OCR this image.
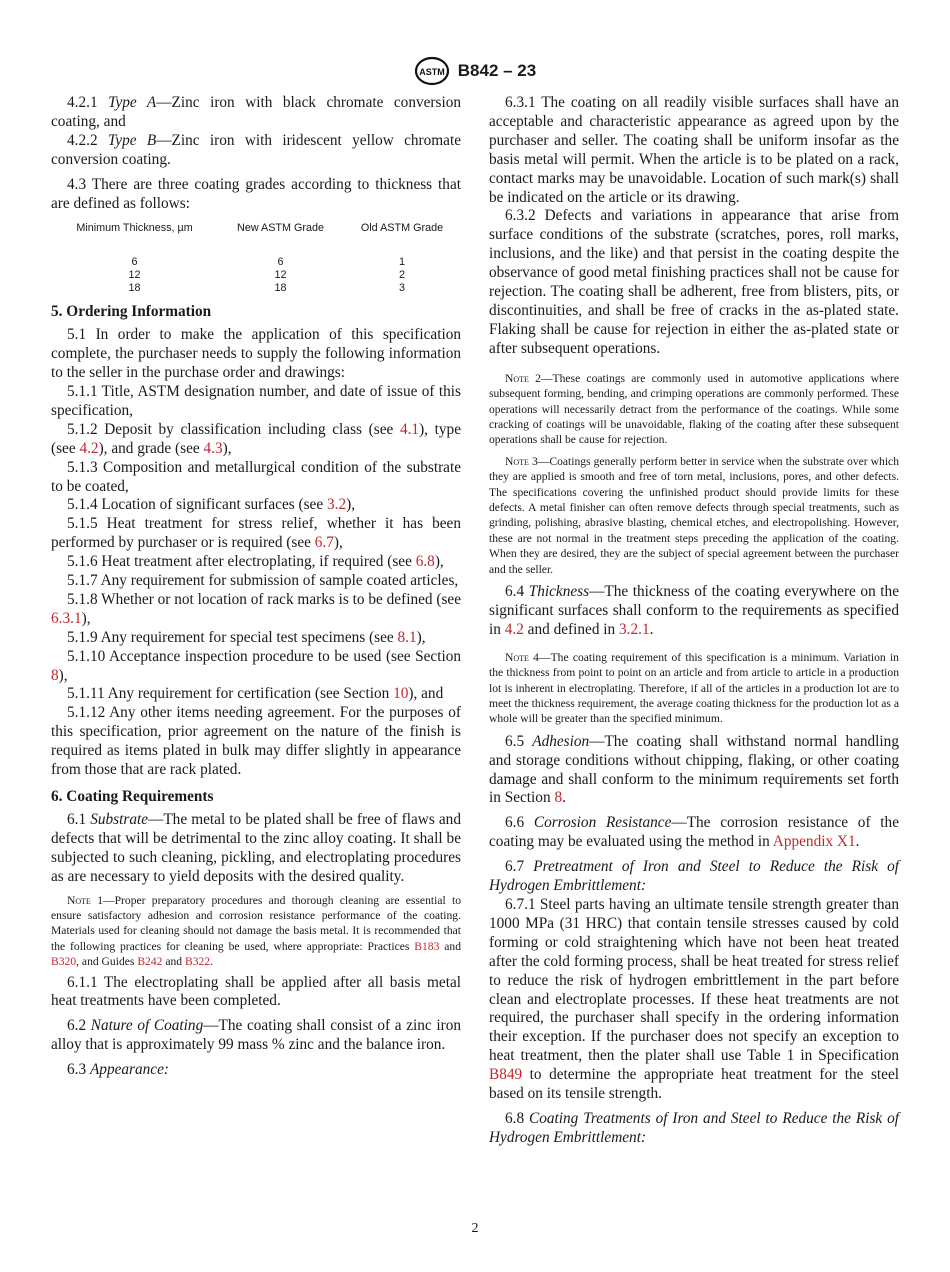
ASTM B842 – 23

4.2.1 Type A—Zinc iron with black chromate conversion coating, and

4.2.2 Type B—Zinc iron with iridescent yellow chromate conversion coating.

4.3 There are three coating grades according to thickness that are defined as follows:

Minimum Thickness, µm	New ASTM Grade	Old ASTM Grade
6	6	1
12	12	2
18	18	3
5. Ordering Information

5.1 In order to make the application of this specification complete, the purchaser needs to supply the following information to the seller in the purchase order and drawings:

5.1.1 Title, ASTM designation number, and date of issue of this specification,

5.1.2 Deposit by classification including class (see 4.1), type (see 4.2), and grade (see 4.3),

5.1.3 Composition and metallurgical condition of the substrate to be coated,

5.1.4 Location of significant surfaces (see 3.2),

5.1.5 Heat treatment for stress relief, whether it has been performed by purchaser or is required (see 6.7),

5.1.6 Heat treatment after electroplating, if required (see 6.8),

5.1.7 Any requirement for submission of sample coated articles,

5.1.8 Whether or not location of rack marks is to be defined (see 6.3.1),

5.1.9 Any requirement for special test specimens (see 8.1),

5.1.10 Acceptance inspection procedure to be used (see Section 8),

5.1.11 Any requirement for certification (see Section 10), and

5.1.12 Any other items needing agreement. For the purposes of this specification, prior agreement on the nature of the finish is required as items plated in bulk may differ slightly in appearance from those that are rack plated.

6. Coating Requirements

6.1 Substrate—The metal to be plated shall be free of flaws and defects that will be detrimental to the zinc alloy coating. It shall be subjected to such cleaning, pickling, and electroplating procedures as are necessary to yield deposits with the desired quality.

Note 1—Proper preparatory procedures and thorough cleaning are essential to ensure satisfactory adhesion and corrosion resistance performance of the coating. Materials used for cleaning should not damage the basis metal. It is recommended that the following practices for cleaning be used, where appropriate: Practices B183 and B320, and Guides B242 and B322.

6.1.1 The electroplating shall be applied after all basis metal heat treatments have been completed.

6.2 Nature of Coating—The coating shall consist of a zinc iron alloy that is approximately 99 mass % zinc and the balance iron.

6.3 Appearance:

6.3.1 The coating on all readily visible surfaces shall have an acceptable and characteristic appearance as agreed upon by the purchaser and seller. The coating shall be uniform insofar as the basis metal will permit. When the article is to be plated on a rack, contact marks may be unavoidable. Location of such mark(s) shall be indicated on the article or its drawing.

6.3.2 Defects and variations in appearance that arise from surface conditions of the substrate (scratches, pores, roll marks, inclusions, and the like) and that persist in the coating despite the observance of good metal finishing practices shall not be cause for rejection. The coating shall be adherent, free from blisters, pits, or discontinuities, and shall be free of cracks in the as-plated state. Flaking shall be cause for rejection in either the as-plated state or after subsequent operations.

Note 2—These coatings are commonly used in automotive applications where subsequent forming, bending, and crimping operations are commonly performed. These operations will necessarily detract from the performance of the coatings. While some cracking of coatings will be unavoidable, flaking of the coating after these subsequent operations shall be cause for rejection.

Note 3—Coatings generally perform better in service when the substrate over which they are applied is smooth and free of torn metal, inclusions, pores, and other defects. The specifications covering the unfinished product should provide limits for these defects. A metal finisher can often remove defects through special treatments, such as grinding, polishing, abrasive blasting, chemical etches, and electropolishing. However, these are not normal in the treatment steps preceding the application of the coating. When they are desired, they are the subject of special agreement between the purchaser and the seller.

6.4 Thickness—The thickness of the coating everywhere on the significant surfaces shall conform to the requirements as specified in 4.2 and defined in 3.2.1.

Note 4—The coating requirement of this specification is a minimum. Variation in the thickness from point to point on an article and from article to article in a production lot is inherent in electroplating. Therefore, if all of the articles in a production lot are to meet the thickness requirement, the average coating thickness for the production lot as a whole will be greater than the specified minimum.

6.5 Adhesion—The coating shall withstand normal handling and storage conditions without chipping, flaking, or other coating damage and shall conform to the minimum requirements set forth in Section 8.

6.6 Corrosion Resistance—The corrosion resistance of the coating may be evaluated using the method in Appendix X1.

6.7 Pretreatment of Iron and Steel to Reduce the Risk of Hydrogen Embrittlement:

6.7.1 Steel parts having an ultimate tensile strength greater than 1000 MPa (31 HRC) that contain tensile stresses caused by cold forming or cold straightening which have not been heat treated after the cold forming process, shall be heat treated for stress relief to reduce the risk of hydrogen embrittlement in the part before clean and electroplate processes. If these heat treatments are not required, the purchaser shall specify in the ordering information their exception. If the purchaser does not specify an exception to heat treatment, then the plater shall use Table 1 in Specification B849 to determine the appropriate heat treatment for the steel based on its tensile strength.

6.8 Coating Treatments of Iron and Steel to Reduce the Risk of Hydrogen Embrittlement:

2
